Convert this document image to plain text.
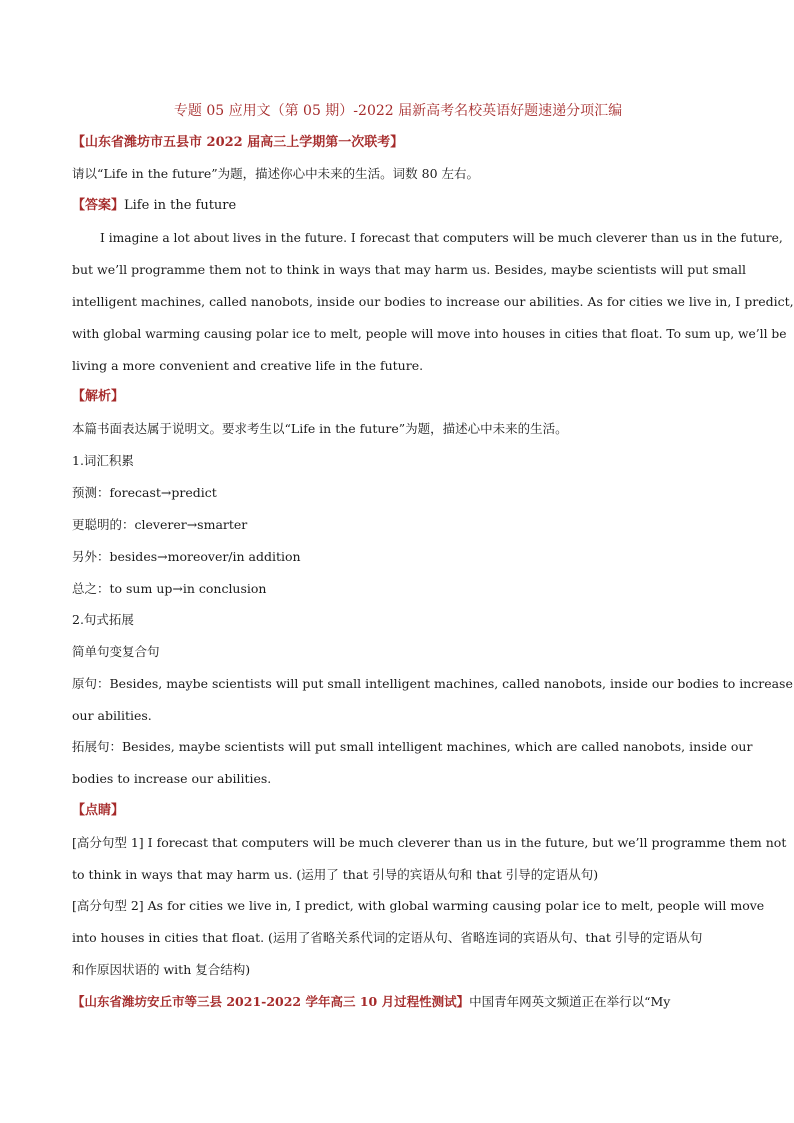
专题 05 应用文（第 05 期）-2022 届新高考名校英语好题速递分项汇编
【山东省潍坊市五县市 2022 届高三上学期第一次联考】
请以“Life in the future”为题，描述你心中未来的生活。词数 80 左右。
【答案】Life in the future
I imagine a lot about lives in the future. I forecast that computers will be much cleverer than us in the future,
but we’ll programme them not to think in ways that may harm us. Besides, maybe scientists will put small
intelligent machines, called nanobots, inside our bodies to increase our abilities. As for cities we live in, I predict,
with global warming causing polar ice to melt, people will move into houses in cities that float. To sum up, we’ll be
living a more convenient and creative life in the future.
【解析】
本篇书面表达属于说明文。要求考生以“Life in the future”为题，描述心中未来的生活。
1.词汇积累
预测：forecast→predict
更聪明的：cleverer→smarter
另外：besides→moreover/in addition
总之：to sum up→in conclusion
2.句式拓展
简单句变复合句
原句：Besides, maybe scientists will put small intelligent machines, called nanobots, inside our bodies to increase
our abilities.
拓展句：Besides, maybe scientists will put small intelligent machines, which are called nanobots, inside our
bodies to increase our abilities.
【点睛】
[高分句型 1] I forecast that computers will be much cleverer than us in the future, but we’ll programme them not
to think in ways that may harm us. (运用了 that 引导的宾语从句和 that 引导的定语从句)
[高分句型 2] As for cities we live in, I predict, with global warming causing polar ice to melt, people will move
into houses in cities that float. (运用了省略关系代词的定语从句、省略连词的宾语从句、that 引导的定语从句
和作原因状语的 with 复合结构)
【山东省潍坊安丘市等三县 2021-2022 学年高三 10 月过程性测试】中国青年网英文频道正在举行以“My
